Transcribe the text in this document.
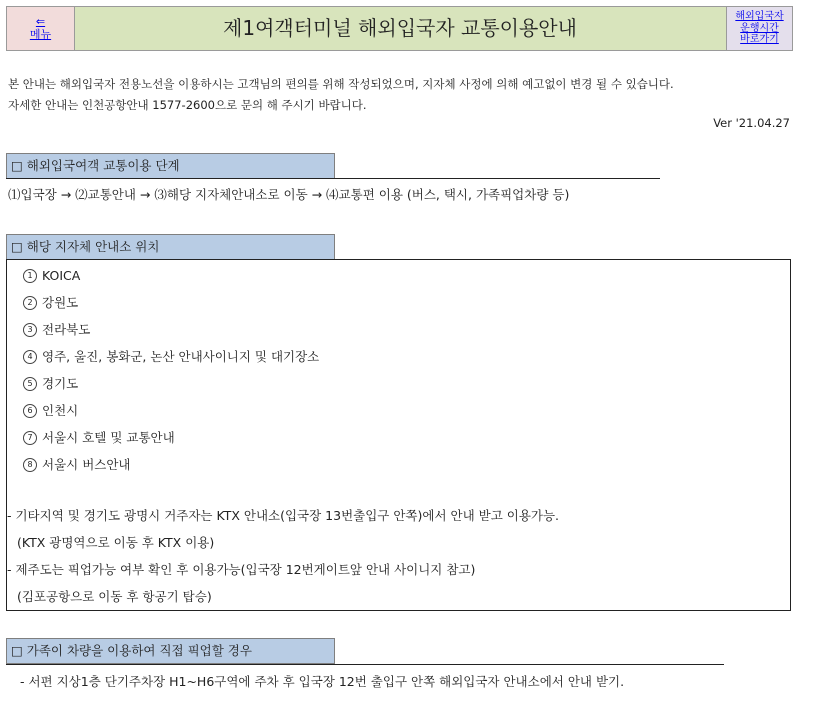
⇐
메뉴	제1여객터미널 해외입국자 교통이용안내	해외입국자
운행시간
바로가기
본 안내는 해외입국자 전용노선을 이용하시는 고객님의 편의를 위해 작성되었으며, 지자체 사정에 의해 예고없이 변경 될 수 있습니다.
자세한 안내는 인천공항안내 1577-2600으로 문의 해 주시기 바랍니다.
Ver '21.04.27
□ 해외입국여객 교통이용 단계
⑴입국장 → ⑵교통안내 → ⑶해당 지자체안내소로 이동 → ⑷교통편 이용 (버스, 택시, 가족픽업차량 등)
□ 해당 지자체 안내소 위치
1 KOICA
2 강원도
3 전라북도
4 영주, 울진, 봉화군, 논산 안내사이니지 및 대기장소
5 경기도
6 인천시
7 서울시 호텔 및 교통안내
8 서울시 버스안내
- 기타지역 및 경기도 광명시 거주자는 KTX 안내소(입국장 13번출입구 안쪽)에서 안내 받고 이용가능.
(KTX 광명역으로 이동 후 KTX 이용)
- 제주도는 픽업가능 여부 확인 후 이용가능(입국장 12번게이트앞 안내 사이니지 참고)
(김포공항으로 이동 후 항공기 탑승)
□ 가족이 차량을 이용하여 직접 픽업할 경우
- 서편 지상1층 단기주차장 H1~H6구역에 주차 후 입국장 12번 출입구 안쪽 해외입국자 안내소에서 안내 받기.
